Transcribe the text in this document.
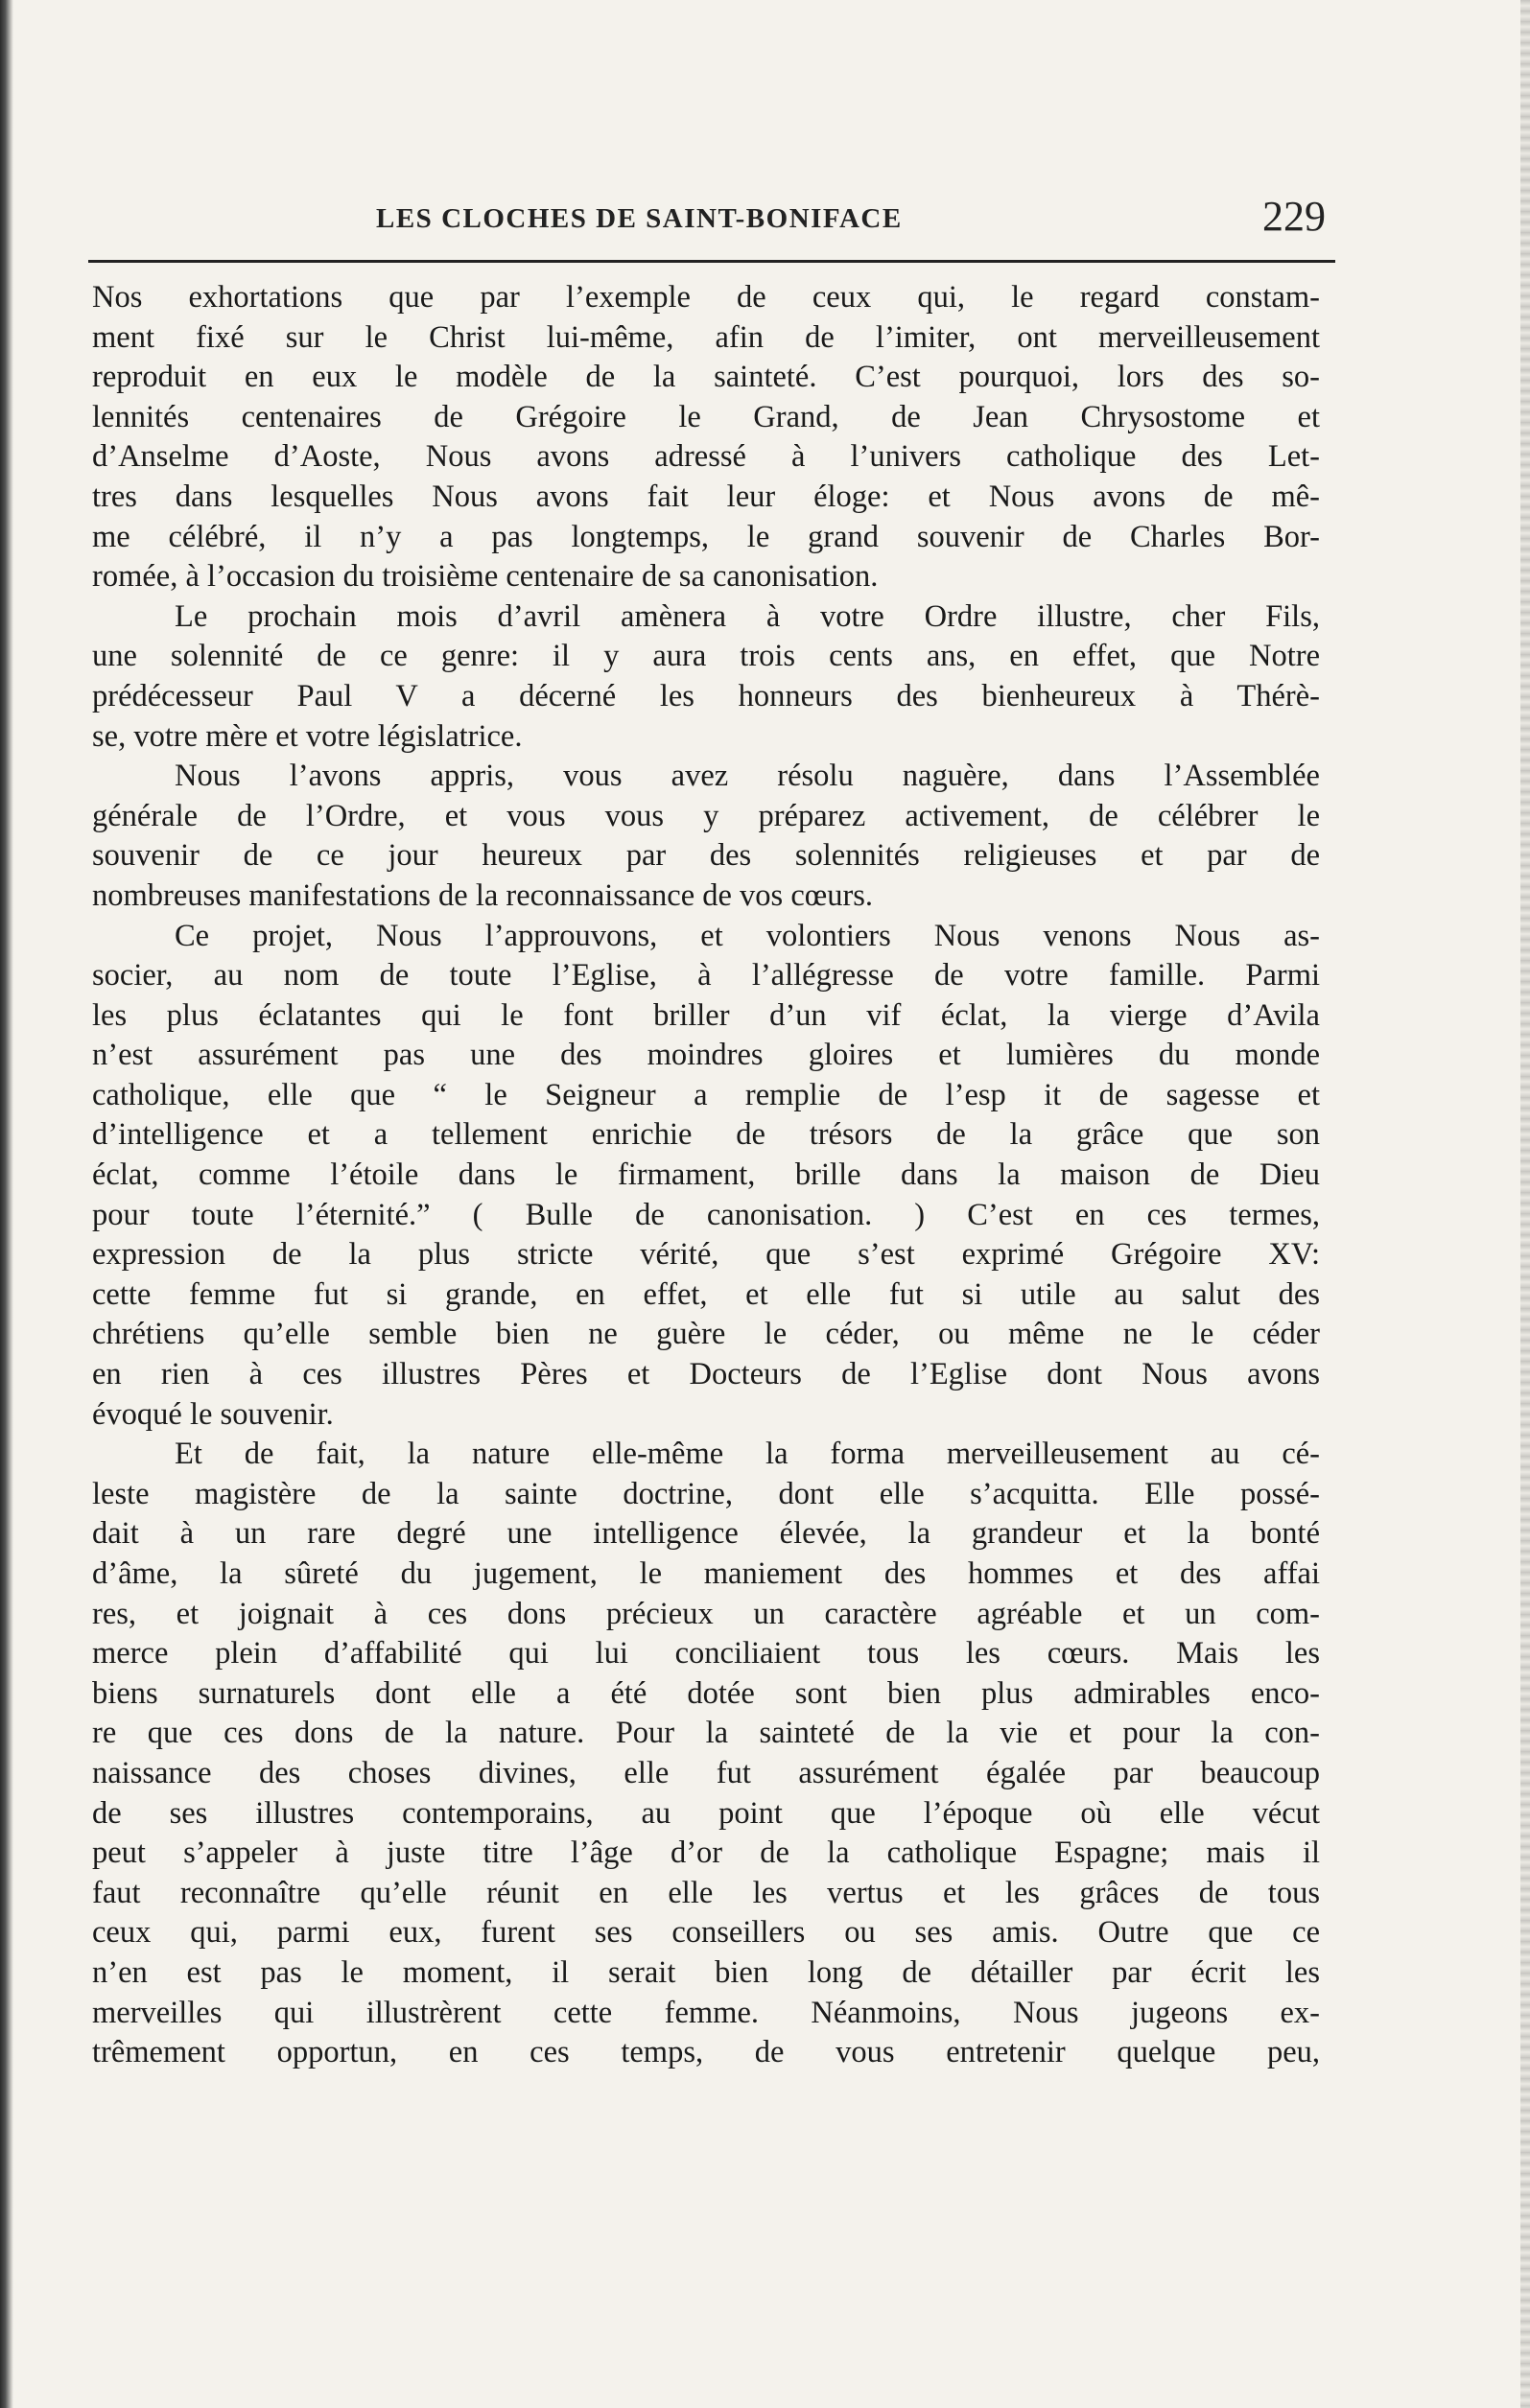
LES CLOCHES DE SAINT-BONIFACE	229
Nos exhortations que par l’exemple de ceux qui, le regard constam-
ment fixé sur le Christ lui-même, afin de l’imiter, ont merveilleusement
reproduit en eux le modèle de la sainteté. C’est pourquoi, lors des so-
lennités centenaires de Grégoire le Grand, de Jean Chrysostome et
d’Anselme d’Aoste, Nous avons adressé à l’univers catholique des Let-
tres dans lesquelles Nous avons fait leur éloge: et Nous avons de mê-
me célébré, il n’y a pas longtemps, le grand souvenir de Charles Bor-
romée, à l’occasion du troisième centenaire de sa canonisation.
Le prochain mois d’avril amènera à votre Ordre illustre, cher Fils,
une solennité de ce genre: il y aura trois cents ans, en effet, que Notre
prédécesseur Paul V a décerné les honneurs des bienheureux à Thérè-
se, votre mère et votre législatrice.
Nous l’avons appris, vous avez résolu naguère, dans l’Assemblée
générale de l’Ordre, et vous vous y préparez activement, de célébrer le
souvenir de ce jour heureux par des solennités religieuses et par de
nombreuses manifestations de la reconnaissance de vos cœurs.
Ce projet, Nous l’approuvons, et volontiers Nous venons Nous as-
socier, au nom de toute l’Eglise, à l’allégresse de votre famille. Parmi
les plus éclatantes qui le font briller d’un vif éclat, la vierge d’Avila
n’est assurément pas une des moindres gloires et lumières du monde
catholique, elle que “ le Seigneur a remplie de l’esp it de sagesse et
d’intelligence et a tellement enrichie de trésors de la grâce que son
éclat, comme l’étoile dans le firmament, brille dans la maison de Dieu
pour toute l’éternité.” ( Bulle de canonisation. ) C’est en ces termes,
expression de la plus stricte vérité, que s’est exprimé Grégoire XV:
cette femme fut si grande, en effet, et elle fut si utile au salut des
chrétiens qu’elle semble bien ne guère le céder, ou même ne le céder
en rien à ces illustres Pères et Docteurs de l’Eglise dont Nous avons
évoqué le souvenir.
Et de fait, la nature elle-même la forma merveilleusement au cé-
leste magistère de la sainte doctrine, dont elle s’acquitta. Elle possé-
dait à un rare degré une intelligence élevée, la grandeur et la bonté
d’âme, la sûreté du jugement, le maniement des hommes et des affai
res, et joignait à ces dons précieux un caractère agréable et un com-
merce plein d’affabilité qui lui conciliaient tous les cœurs. Mais les
biens surnaturels dont elle a été dotée sont bien plus admirables enco-
re que ces dons de la nature. Pour la sainteté de la vie et pour la con-
naissance des choses divines, elle fut assurément égalée par beaucoup
de ses illustres contemporains, au point que l’époque où elle vécut
peut s’appeler à juste titre l’âge d’or de la catholique Espagne; mais il
faut reconnaître qu’elle réunit en elle les vertus et les grâces de tous
ceux qui, parmi eux, furent ses conseillers ou ses amis. Outre que ce
n’en est pas le moment, il serait bien long de détailler par écrit les
merveilles qui illustrèrent cette femme. Néanmoins, Nous jugeons ex-
trêmement opportun, en ces temps, de vous entretenir quelque peu,
